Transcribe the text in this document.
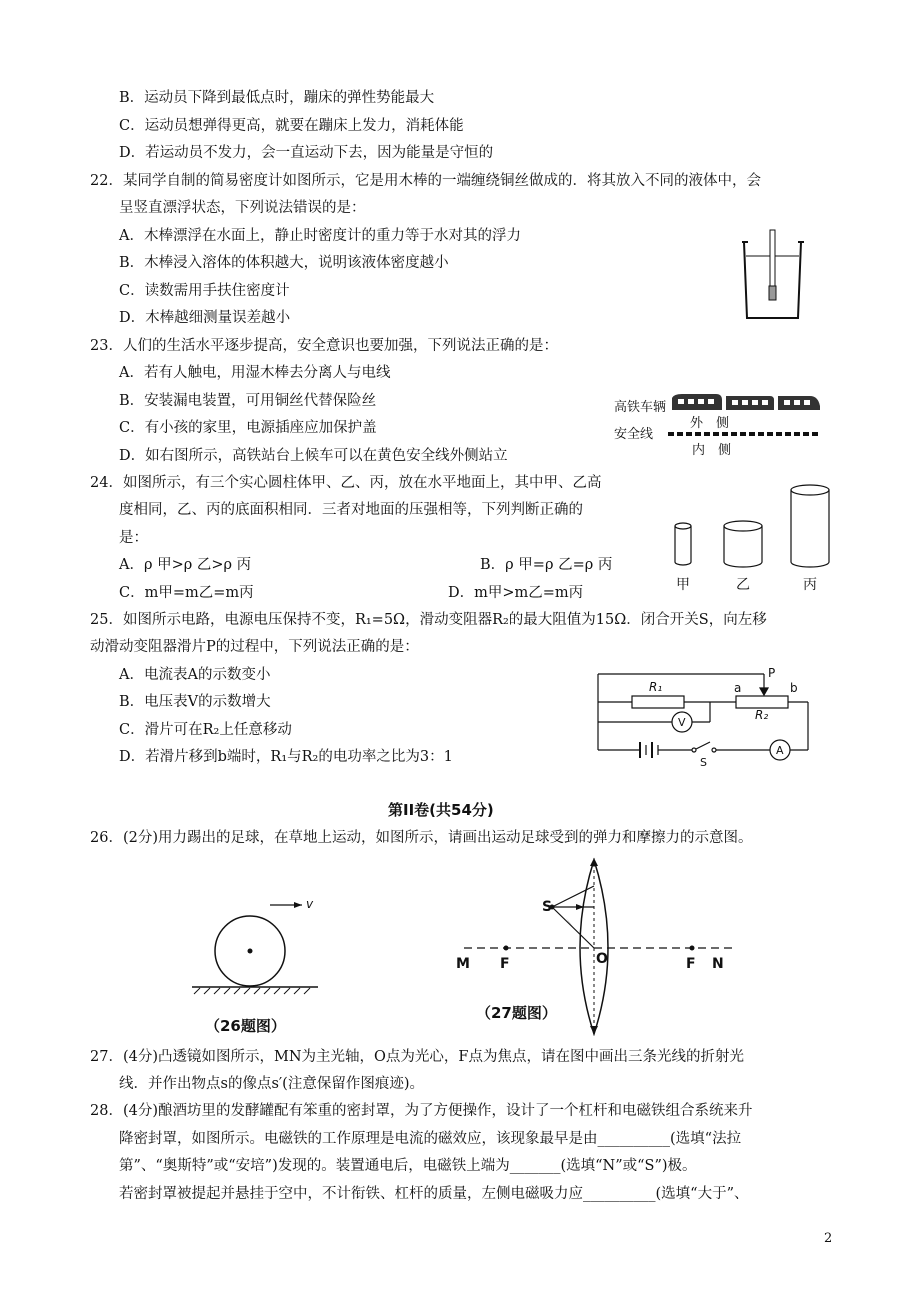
B．运动员下降到最低点时，蹦床的弹性势能最大
C．运动员想弹得更高，就要在蹦床上发力，消耗体能
D．若运动员不发力，会一直运动下去，因为能量是守恒的
22．某同学自制的简易密度计如图所示，它是用木棒的一端缠绕铜丝做成的．将其放入不同的液体中，会
呈竖直漂浮状态，下列说法错误的是：
A．木棒漂浮在水面上，静止时密度计的重力等于水对其的浮力
B．木棒浸入溶体的体积越大，说明该液体密度越小
C．读数需用手扶住密度计
D．木棒越细测量误差越小
23．人们的生活水平逐步提高，安全意识也要加强，下列说法正确的是：
A．若有人触电，用湿木棒去分离人与电线
B．安装漏电装置，可用铜丝代替保险丝
C．有小孩的家里，电源插座应加保护盖
D．如右图所示，高铁站台上候车可以在黄色安全线外侧站立
高铁车辆
外　侧
安全线
内　侧
24．如图所示，有三个实心圆柱体甲、乙、丙，放在水平地面上，其中甲、乙高
度相同，乙、丙的底面积相同．三者对地面的压强相等，下列判断正确的
是：
A．ρ 甲>ρ 乙>ρ 丙	B．ρ 甲=ρ 乙=ρ 丙
C．m甲=m乙=m丙	D．m甲>m乙=m丙	甲	乙	丙
25．如图所示电路，电源电压保持不变，R₁=5Ω，滑动变阻器R₂的最大阻值为15Ω．闭合开关S，向左移
动滑动变阻器滑片P的过程中，下列说法正确的是：
A．电流表A的示数变小
B．电压表V的示数增大
C．滑片可在R₂上任意移动
D．若滑片移到b端时，R₁与R₂的电功率之比为3：1
R₁
R₂
P
a	b
V
A
S
第II卷(共54分)
26．(2分)用力踢出的足球，在草地上运动，如图所示，请画出运动足球受到的弹力和摩擦力的示意图。
v
（26题图）
S
M F	O	F N
（27题图）
27．(4分)凸透镜如图所示，MN为主光轴，O点为光心，F点为焦点，请在图中画出三条光线的折射光
线．并作出物点s的像点s′(注意保留作图痕迹)。
28．(4分)酿酒坊里的发酵罐配有笨重的密封罩，为了方便操作，设计了一个杠杆和电磁铁组合系统来升
降密封罩，如图所示。电磁铁的工作原理是电流的磁效应，该现象最早是由__________(选填“法拉
第”、“奥斯特”或“安培”)发现的。装置通电后，电磁铁上端为_______(选填“N”或“S”)极。
若密封罩被提起并悬挂于空中，不计衔铁、杠杆的质量，左侧电磁吸力应__________(选填“大于”、
2
